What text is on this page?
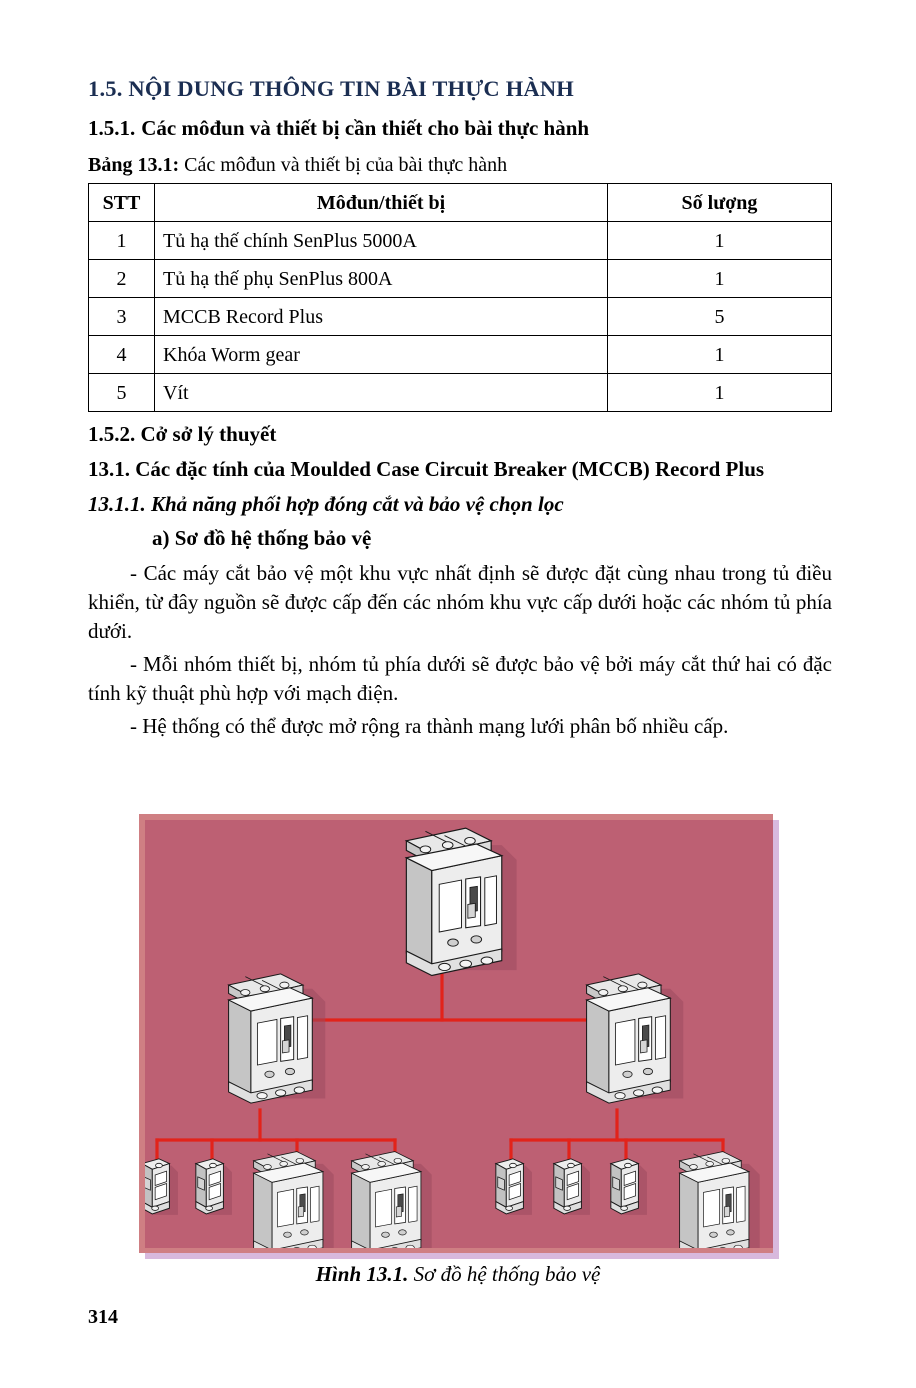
1.5. NỘI DUNG THÔNG TIN BÀI THỰC HÀNH
1.5.1. Các môđun và thiết bị cần thiết cho bài thực hành
Bảng 13.1: Các môđun và thiết bị của bài thực hành
STT	Môđun/thiết bị	Số lượng
1	Tủ hạ thế chính SenPlus 5000A	1
2	Tủ hạ thế phụ SenPlus 800A	1
3	MCCB Record Plus	5
4	Khóa Worm gear	1
5	Vít	1
1.5.2. Cở sở lý thuyết
13.1. Các đặc tính của Moulded Case Circuit Breaker (MCCB) Record Plus
13.1.1. Khả năng phối hợp đóng cắt và bảo vệ chọn lọc
a) Sơ đồ hệ thống bảo vệ

- Các máy cắt bảo vệ một khu vực nhất định sẽ được đặt cùng nhau trong tủ điều khiển, từ đây nguồn sẽ được cấp đến các nhóm khu vực cấp dưới hoặc các nhóm tủ phía dưới.

- Mỗi nhóm thiết bị, nhóm tủ phía dưới sẽ được bảo vệ bởi máy cắt thứ hai có đặc tính kỹ thuật phù hợp với mạch điện.

- Hệ thống có thể được mở rộng ra thành mạng lưới phân bố nhiều cấp.

Hình 13.1. Sơ đồ hệ thống bảo vệ
314
